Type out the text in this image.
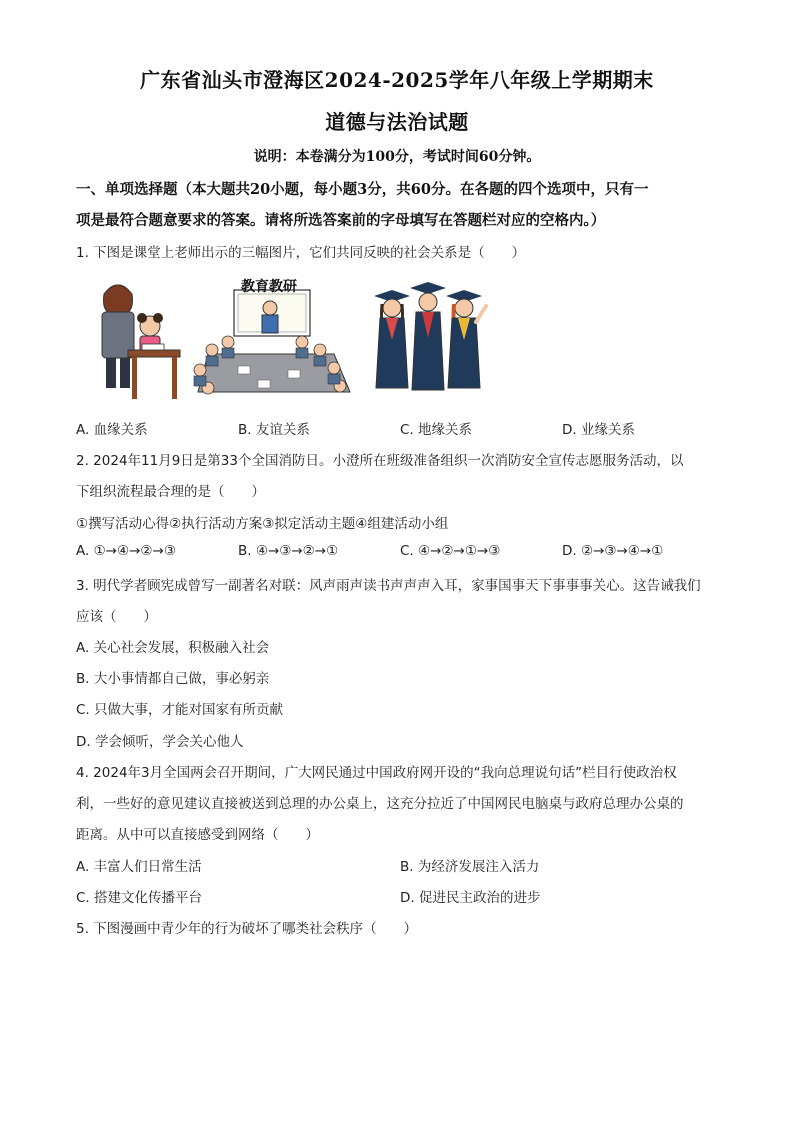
广东省汕头市澄海区2024-2025学年八年级上学期期末
道德与法治试题
说明：本卷满分为100分，考试时间60分钟。
一、单项选择题（本大题共20小题，每小题3分，共60分。在各题的四个选项中，只有一
项是最符合题意要求的答案。请将所选答案前的字母填写在答题栏对应的空格内。）
1. 下图是课堂上老师出示的三幅图片，它们共同反映的社会关系是（　　）
教育教研
A. 血缘关系	B. 友谊关系	C. 地缘关系	D. 业缘关系
2. 2024年11月9日是第33个全国消防日。小澄所在班级准备组织一次消防安全宣传志愿服务活动，以
下组织流程最合理的是（　　）
①撰写活动心得②执行活动方案③拟定活动主题④组建活动小组
A. ①→④→②→③	B. ④→③→②→①	C. ④→②→①→③	D. ②→③→④→①
3. 明代学者顾宪成曾写一副著名对联：风声雨声读书声声声入耳，家事国事天下事事事关心。这告诫我们
应该（　　）
A. 关心社会发展，积极融入社会
B. 大小事情都自己做，事必躬亲
C. 只做大事，才能对国家有所贡献
D. 学会倾听，学会关心他人
4. 2024年3月全国两会召开期间，广大网民通过中国政府网开设的“我向总理说句话”栏目行使政治权
利，一些好的意见建议直接被送到总理的办公桌上，这充分拉近了中国网民电脑桌与政府总理办公桌的
距离。从中可以直接感受到网络（　　）
A. 丰富人们日常生活	B. 为经济发展注入活力
C. 搭建文化传播平台	D. 促进民主政治的进步
5. 下图漫画中青少年的行为破坏了哪类社会秩序（　　）
